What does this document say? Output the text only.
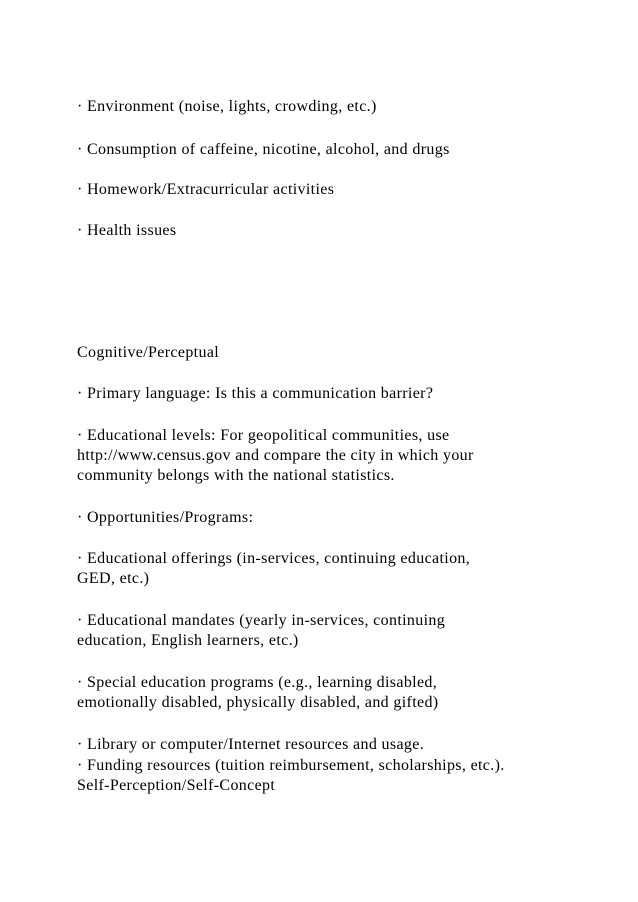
· Environment (noise, lights, crowding, etc.)
· Consumption of caffeine, nicotine, alcohol, and drugs
· Homework/Extracurricular activities
· Health issues
Cognitive/Perceptual
· Primary language: Is this a communication barrier?
· Educational levels: For geopolitical communities, use
http://www.census.gov and compare the city in which your
community belongs with the national statistics.
· Opportunities/Programs:
· Educational offerings (in-services, continuing education,
GED, etc.)
· Educational mandates (yearly in-services, continuing
education, English learners, etc.)
· Special education programs (e.g., learning disabled,
emotionally disabled, physically disabled, and gifted)
· Library or computer/Internet resources and usage.
· Funding resources (tuition reimbursement, scholarships, etc.).
Self-Perception/Self-Concept
